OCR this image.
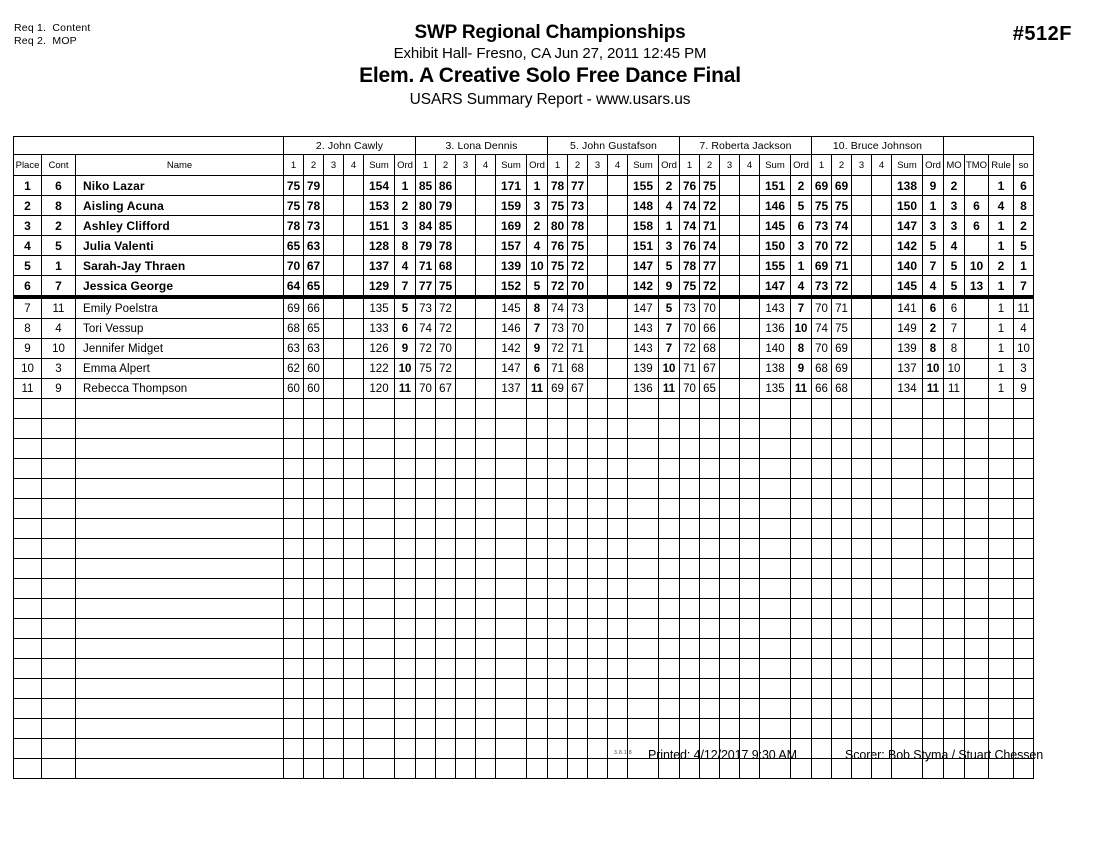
Req 1.  Content
Req 2.  MOP	#512F
SWP Regional Championships
Exhibit Hall- Fresno, CA Jun 27, 2011 12:45 PM
Elem. A Creative Solo Free Dance Final
USARS Summary Report - www.usars.us
			2. John Cawly						3. Lona Dennis						5. John Gustafson						7. Roberta Jackson						10. Bruce Johnson									
Place	Cont	Name	1	2	3	4	Sum	Ord	1	2	3	4	Sum	Ord	1	2	3	4	Sum	Ord	1	2	3	4	Sum	Ord	1	2	3	4	Sum	Ord	MO	TMO	Rule	so
1	6	Niko Lazar	75	79			154	1	85	86			171	1	78	77			155	2	76	75			151	2	69	69			138	9	2		1	6
2	8	Aisling Acuna	75	78			153	2	80	79			159	3	75	73			148	4	74	72			146	5	75	75			150	1	3	6	4	8
3	2	Ashley Clifford	78	73			151	3	84	85			169	2	80	78			158	1	74	71			145	6	73	74			147	3	3	6	1	2
4	5	Julia Valenti	65	63			128	8	79	78			157	4	76	75			151	3	76	74			150	3	70	72			142	5	4		1	5
5	1	Sarah-Jay Thraen	70	67			137	4	71	68			139	10	75	72			147	5	78	77			155	1	69	71			140	7	5	10	2	1
6	7	Jessica George	64	65			129	7	77	75			152	5	72	70			142	9	75	72			147	4	73	72			145	4	5	13	1	7
7	11	Emily Poelstra	69	66			135	5	73	72			145	8	74	73			147	5	73	70			143	7	70	71			141	6	6		1	11
8	4	Tori Vessup	68	65			133	6	74	72			146	7	73	70			143	7	70	66			136	10	74	75			149	2	7		1	4
9	10	Jennifer Midget	63	63			126	9	72	70			142	9	72	71			143	7	72	68			140	8	70	69			139	8	8		1	10
10	3	Emma Alpert	62	60			122	10	75	72			147	6	71	68			139	10	71	67			138	9	68	69			137	10	10		1	3
11	9	Rebecca Thompson	60	60			120	11	70	67			137	11	69	67			136	11	70	65			135	11	66	68			134	11	11		1	9

3.8.1.8 Printed: 4/12/2017 9:30 AM	Scorer: Bob Styma / Stuart Chessen
